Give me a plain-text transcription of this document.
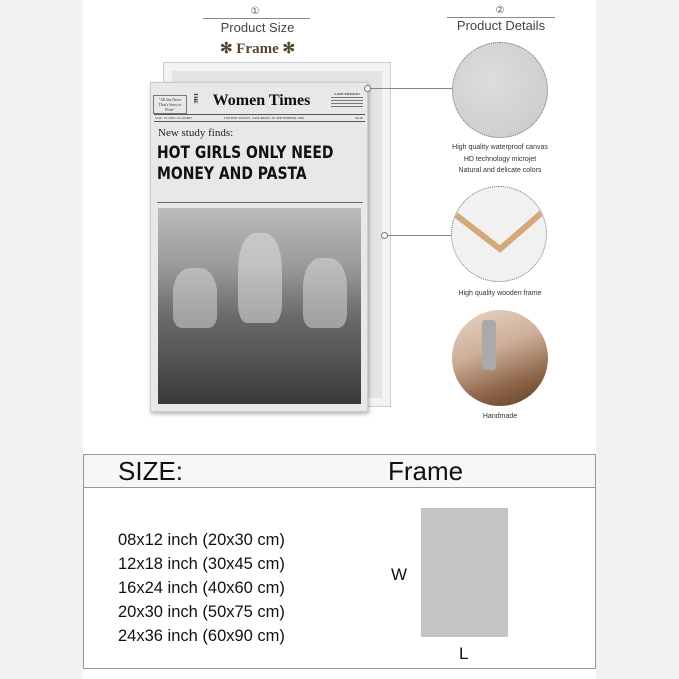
①
Product Size
✻ Frame ✻
"All the News That's Sexy to Print"
THE Women Times	LATE EDITION
VOL. CLXXI...No.49,881	UNITED STATES, SATURDAY, 20 SEPTEMBER 1969	$0.49
New study finds:
HOT GIRLS ONLY NEED
MONEY AND PASTA
②
Product Details
High quality waterproof canvas
HD technology microjet
Natural and delicate colors
High quality wooden frame
Handmade
SIZE:	Frame
08x12 inch (20x30 cm)
12x18 inch (30x45 cm)
16x24 inch (40x60 cm)
20x30 inch (50x75 cm)
24x36 inch (60x90 cm)
W
L
